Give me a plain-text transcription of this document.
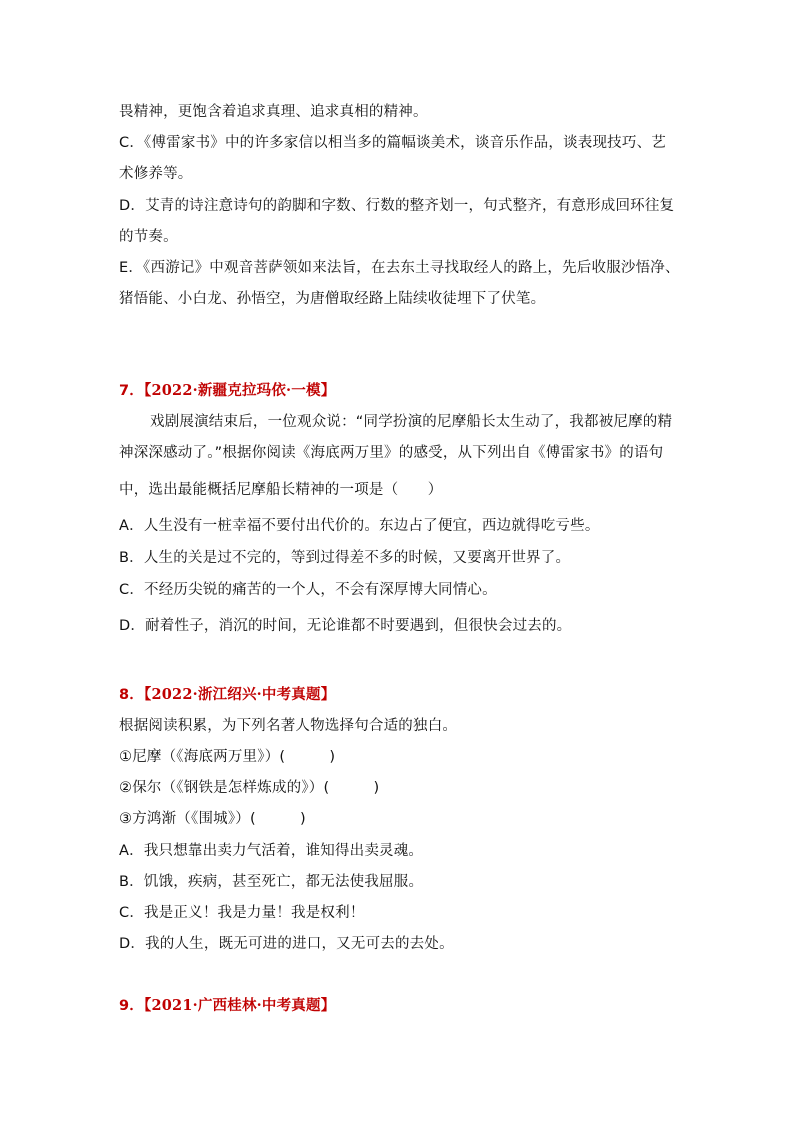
畏精神，更饱含着追求真理、追求真相的精神。
C．《傅雷家书》中的许多家信以相当多的篇幅谈美术，谈音乐作品，谈表现技巧、艺
术修养等。
D．艾青的诗注意诗句的韵脚和字数、行数的整齐划一，句式整齐，有意形成回环往复
的节奏。
E．《西游记》中观音菩萨领如来法旨，在去东土寻找取经人的路上，先后收服沙悟净、
猪悟能、小白龙、孙悟空，为唐僧取经路上陆续收徒埋下了伏笔。
7．【2022·新疆克拉玛依·一模】
戏剧展演结束后，一位观众说：“同学扮演的尼摩船长太生动了，我都被尼摩的精
神深深感动了。”根据你阅读《海底两万里》的感受，从下列出自《傅雷家书》的语句
中，选出最能概括尼摩船长精神的一项是（　　）
A．人生没有一桩幸福不要付出代价的。东边占了便宜，西边就得吃亏些。
B．人生的关是过不完的，等到过得差不多的时候，又要离开世界了。
C．不经历尖锐的痛苦的一个人，不会有深厚博大同情心。
D．耐着性子，消沉的时间，无论谁都不时要遇到，但很快会过去的。
8．【2022·浙江绍兴·中考真题】
根据阅读积累，为下列名著人物选择句合适的独白。
①尼摩（《海底两万里》）(　　　)
②保尔（《钢铁是怎样炼成的》）(　　　)
③方鸿渐（《围城》）(　　　)
A．我只想靠出卖力气活着，谁知得出卖灵魂。
B．饥饿，疾病，甚至死亡，都无法使我屈服。
C．我是正义！我是力量！我是权利！
D．我的人生，既无可进的进口，又无可去的去处。
9．【2021·广西桂林·中考真题】
